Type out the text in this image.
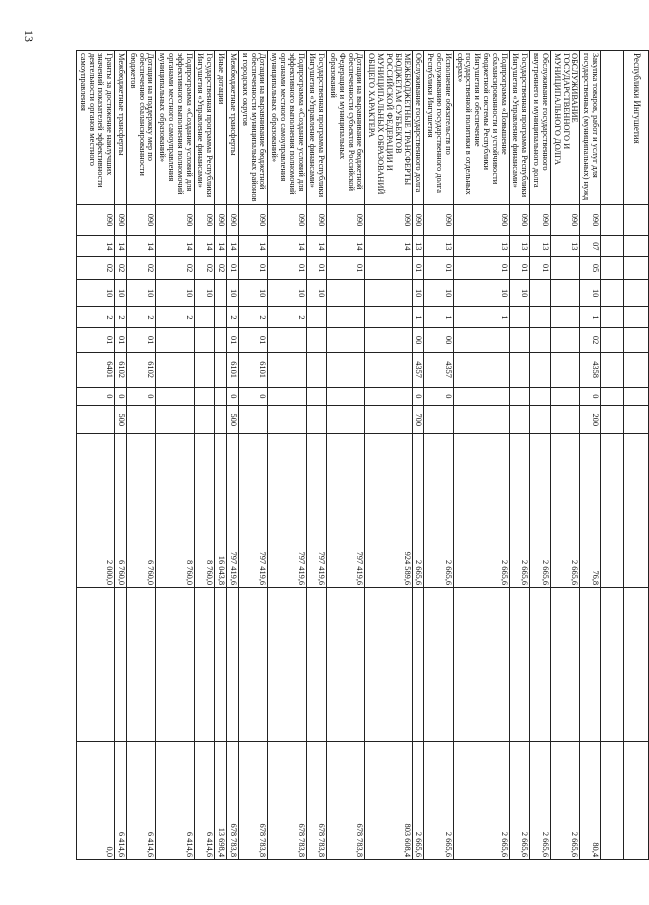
13
Республики Ингушетия												

Закупка товаров, работ и услуг для государственных (муниципальных) нужд	090	07	05	10	1	02	4358	0	200	76,8		80,4
ОБСЛУЖИВАНИЕ ГОСУДАРСТВЕННОГО И МУНИЦИПАЛЬНОГО ДОЛГА	090	13								2 665,6		2 665,6
Обслуживание государственного внутреннего и муниципального долга	090	13	01							2 665,6		2 665,6
Государственная программа Республики Ингушетия «Управление финансами»	090	13	01	10						2 665,6		2 665,6
Подпрограмма «Повышение сбалансированности и устойчивости бюджетной системы Республики Ингушетия и обеспечение государственной политики в отдельных сферах»	090	13	01	10	1					2 665,6		2 665,6
Исполнение обязательств по обслуживанию государственного долга Республики Ингушетия	090	13	01	10	1	00	4357	0		2 665,6		2 665,6
Обслуживание государственного долга	090	13	01	10	1	00	4357	0	700	2 665,6		2 665,6
МЕЖБЮДЖЕТНЫЕ ТРАНСФЕРТЫ БЮДЖЕТАМ СУБЪЕКТОВ РОССИЙСКОЙ ФЕДЕРАЦИИ И МУНИЦИПАЛЬНЫХ ОБРАЗОВАНИЙ ОБЩЕГО ХАРАКТЕРА	090	14								924 589,6		803 608,4
Дотации на выравнивание бюджетной обеспеченности субъектов Российской Федерации и муниципальных образований	090	14	01							797 419,6		678 783,8
Государственная программа Республики Ингушетия «Управление финансами»	090	14	01	10						797 419,6		678 783,8
Подпрограмма «Создание условий для эффективного выполнения полномочий органами местного самоуправления муниципальных образований»	090	14	01	10	2					797 419,6		678 783,8
Дотации на выравнивание бюджетной обеспеченности муниципальных районов и городских округов	090	14	01	10	2	01	6101	0		797 419,6		678 783,8
Межбюджетные трансферты	090	14	01	10	2	01	6101	0	500	797 419,6		678 783,8
Иные дотации	090	14	02							16 043,8		13 698,4
Государственная программа Республики Ингушетия «Управление финансами»	090	14	02	10						8 760,0		6 414,6
Подпрограмма «Создание условий для эффективного выполнения полномочий органами местного самоуправления муниципальных образований»	090	14	02	10	2					8 760,0		6 414,6
Дотации на поддержку мер по обеспечению сбалансированности бюджетов	090	14	02	10	2	01	6102	0		6 760,0		6 414,6
Межбюджетные трансферты	090	14	02	10	2	01	6102	0	500	6 760,0		6 414,6
Гранты за достижение наилучших значений показателей эффективности деятельности органов местного самоуправления	090	14	02	10	2	01	6401	0		2 000,0		0,0
